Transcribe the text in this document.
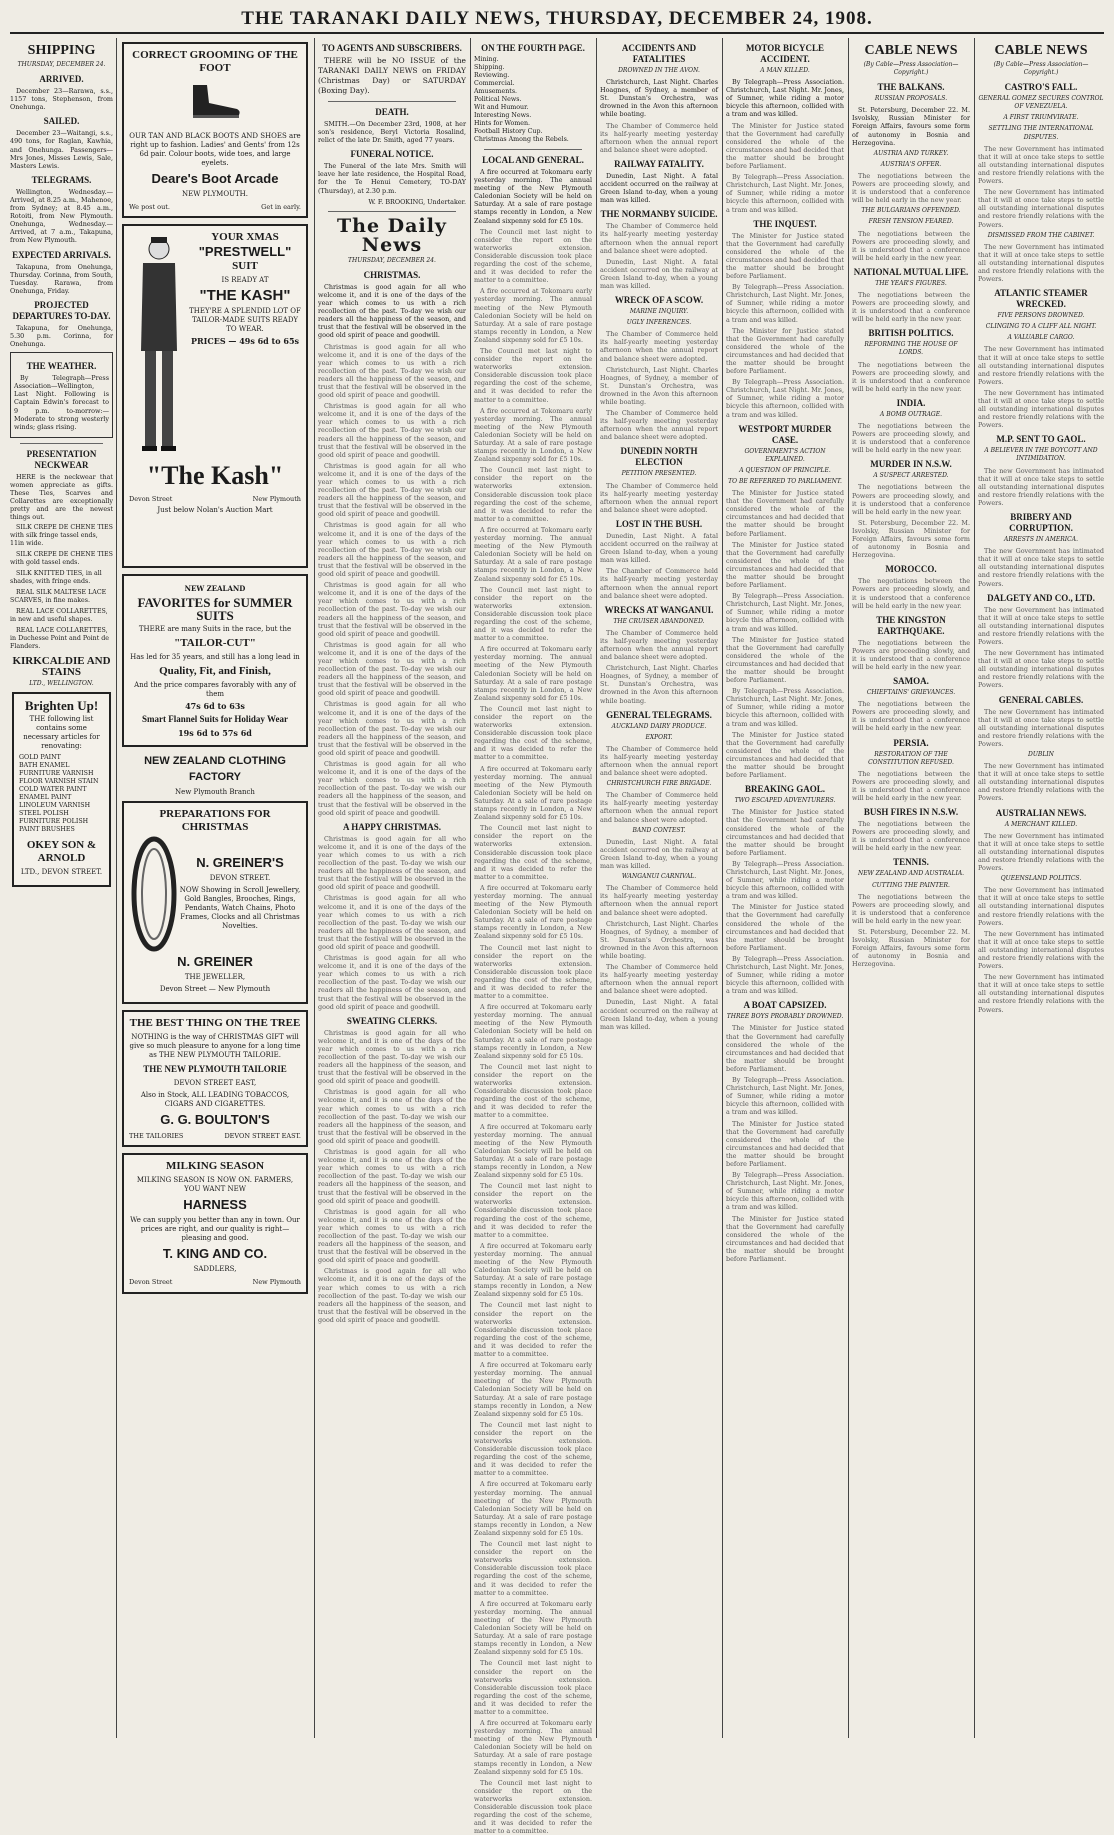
THE TARANAKI DAILY NEWS, THURSDAY, DECEMBER 24, 1908.
SHIPPING
THURSDAY, DECEMBER 24.
ARRIVED.

December 23—Rarawa, s.s., 1157 tons, Stephenson, from Onehunga.

SAILED.

December 23—Waitangi, s.s., 490 tons, for Raglan, Kawhia, and Onehunga. Passengers—Mrs Jones, Misses Lewis, Sale, Masters Lewis.

TELEGRAMS.

Wellington, Wednesday.—Arrived, at 8.25 a.m., Mahenoe, from Sydney; at 8.45 a.m., Rotoiti, from New Plymouth. Onehunga, Wednesday.—Arrived, at 7 a.m., Takapuna, from New Plymouth.

EXPECTED ARRIVALS.

Takapuna, from Onehunga, Thursday. Corinna, from South, Tuesday. Rarawa, from Onehunga, Friday.

PROJECTED DEPARTURES TO-DAY.

Takapuna, for Onehunga, 5.30 p.m. Corinna, for Onehunga.

THE WEATHER.

By Telegraph—Press Association—Wellington, Last Night. Following is Captain Edwin's forecast to 9 p.m. to-morrow:—Moderate to strong westerly winds; glass rising.

PRESENTATION NECKWEAR

HERE is the neckwear that women appreciate as gifts. These Ties, Scarves and Collarettes are exceptionally pretty and are the newest things out.

SILK CREPE DE CHENE TIES with silk fringe tassel ends, 11in wide.

SILK CREPE DE CHENE TIES with gold tassel ends.

SILK KNITTED TIES, in all shades, with fringe ends.

REAL SILK MALTESE LACE SCARVES, in fine makes.

REAL LACE COLLARETTES, in new and useful shapes.

REAL LACE COLLARETTES, in Duchesse Point and Point de Flanders.

KIRKCALDIE AND STAINS
LTD., WELLINGTON.
Brighten Up!

THE following list contains some necessary articles for renovating:

GOLD PAINT
BATH ENAMEL
FURNITURE VARNISH
FLOOR VARNISH STAIN
COLD WATER PAINT
ENAMEL PAINT
LINOLEUM VARNISH
STEEL POLISH
FURNITURE POLISH
PAINT BRUSHES
OKEY SON & ARNOLD
LTD., DEVON STREET.
CORRECT GROOMING OF THE FOOT

OUR TAN AND BLACK BOOTS AND SHOES are right up to fashion. Ladies' and Gents' from 12s 6d pair. Colour boots, wide toes, and large eyelets.

Deare's Boot Arcade
NEW PLYMOUTH.
We post out.	Get in early.
YOUR XMAS
"PRESTWELL"
SUIT
IS READY AT
"THE KASH"

THEY'RE A SPLENDID LOT OF TAILOR-MADE SUITS READY TO WEAR.

PRICES — 49s 6d to 65s
"The Kash"
Devon Street	New Plymouth
Just below Nolan's Auction Mart
NEW ZEALAND
FAVORITES for SUMMER SUITS

THERE are many Suits in the race, but the

"TAILOR-CUT"

Has led for 35 years, and still has a long lead in

Quality, Fit, and Finish,

And the price compares favorably with any of them

47s 6d to 63s
Smart Flannel Suits for Holiday Wear
19s 6d to 57s 6d
NEW ZEALAND CLOTHING FACTORY
New Plymouth Branch
PREPARATIONS FOR CHRISTMAS
N. GREINER'S
DEVON STREET.

NOW Showing in Scroll Jewellery, Gold Bangles, Brooches, Rings, Pendants, Watch Chains, Photo Frames, Clocks and all Christmas Novelties.

N. GREINER
THE JEWELLER,
Devon Street — New Plymouth
THE BEST THING ON THE TREE

NOTHING is the way of CHRISTMAS GIFT will give so much pleasure to anyone for a long time as THE NEW PLYMOUTH TAILORIE.

THE NEW PLYMOUTH TAILORIE
DEVON STREET EAST,

Also in Stock, ALL LEADING TOBACCOS, CIGARS AND CIGARETTES.

G. G. BOULTON'S
THE TAILORIES	DEVON STREET EAST.
MILKING SEASON

MILKING SEASON IS NOW ON. FARMERS, YOU WANT NEW

HARNESS

We can supply you better than any in town. Our prices are right, and our quality is right—pleasing and good.

T. KING AND CO.
SADDLERS,
Devon Street	New Plymouth
TO AGENTS AND SUBSCRIBERS.

THERE will be NO ISSUE of the TARANAKI DAILY NEWS on FRIDAY (Christmas Day) or SATURDAY (Boxing Day).

DEATH.

SMITH.—On December 23rd, 1908, at her son's residence, Beryl Victoria Rosalind, relict of the late Dr. Smith, aged 77 years.

FUNERAL NOTICE.

The Funeral of the late Mrs. Smith will leave her late residence, the Hospital Road, for the Te Henui Cemetery, TO-DAY (Thursday), at 2.30 p.m.

W. F. BROOKING, Undertaker.

The Daily News
THURSDAY, DECEMBER 24.
CHRISTMAS.

Christmas is good again for all who welcome it, and it is one of the days of the year which comes to us with a rich recollection of the past. To-day we wish our readers all the happiness of the season, and trust that the festival will be observed in the good old spirit of peace and goodwill.

Christmas is good again for all who welcome it, and it is one of the days of the year which comes to us with a rich recollection of the past. To-day we wish our readers all the happiness of the season, and trust that the festival will be observed in the good old spirit of peace and goodwill.

Christmas is good again for all who welcome it, and it is one of the days of the year which comes to us with a rich recollection of the past. To-day we wish our readers all the happiness of the season, and trust that the festival will be observed in the good old spirit of peace and goodwill.

Christmas is good again for all who welcome it, and it is one of the days of the year which comes to us with a rich recollection of the past. To-day we wish our readers all the happiness of the season, and trust that the festival will be observed in the good old spirit of peace and goodwill.

Christmas is good again for all who welcome it, and it is one of the days of the year which comes to us with a rich recollection of the past. To-day we wish our readers all the happiness of the season, and trust that the festival will be observed in the good old spirit of peace and goodwill.

Christmas is good again for all who welcome it, and it is one of the days of the year which comes to us with a rich recollection of the past. To-day we wish our readers all the happiness of the season, and trust that the festival will be observed in the good old spirit of peace and goodwill.

Christmas is good again for all who welcome it, and it is one of the days of the year which comes to us with a rich recollection of the past. To-day we wish our readers all the happiness of the season, and trust that the festival will be observed in the good old spirit of peace and goodwill.

Christmas is good again for all who welcome it, and it is one of the days of the year which comes to us with a rich recollection of the past. To-day we wish our readers all the happiness of the season, and trust that the festival will be observed in the good old spirit of peace and goodwill.

Christmas is good again for all who welcome it, and it is one of the days of the year which comes to us with a rich recollection of the past. To-day we wish our readers all the happiness of the season, and trust that the festival will be observed in the good old spirit of peace and goodwill.

A HAPPY CHRISTMAS.

Christmas is good again for all who welcome it, and it is one of the days of the year which comes to us with a rich recollection of the past. To-day we wish our readers all the happiness of the season, and trust that the festival will be observed in the good old spirit of peace and goodwill.

Christmas is good again for all who welcome it, and it is one of the days of the year which comes to us with a rich recollection of the past. To-day we wish our readers all the happiness of the season, and trust that the festival will be observed in the good old spirit of peace and goodwill.

Christmas is good again for all who welcome it, and it is one of the days of the year which comes to us with a rich recollection of the past. To-day we wish our readers all the happiness of the season, and trust that the festival will be observed in the good old spirit of peace and goodwill.

SWEATING CLERKS.

Christmas is good again for all who welcome it, and it is one of the days of the year which comes to us with a rich recollection of the past. To-day we wish our readers all the happiness of the season, and trust that the festival will be observed in the good old spirit of peace and goodwill.

Christmas is good again for all who welcome it, and it is one of the days of the year which comes to us with a rich recollection of the past. To-day we wish our readers all the happiness of the season, and trust that the festival will be observed in the good old spirit of peace and goodwill.

Christmas is good again for all who welcome it, and it is one of the days of the year which comes to us with a rich recollection of the past. To-day we wish our readers all the happiness of the season, and trust that the festival will be observed in the good old spirit of peace and goodwill.

Christmas is good again for all who welcome it, and it is one of the days of the year which comes to us with a rich recollection of the past. To-day we wish our readers all the happiness of the season, and trust that the festival will be observed in the good old spirit of peace and goodwill.

Christmas is good again for all who welcome it, and it is one of the days of the year which comes to us with a rich recollection of the past. To-day we wish our readers all the happiness of the season, and trust that the festival will be observed in the good old spirit of peace and goodwill.

ON THE FOURTH PAGE.
Mining.
Shipping.
Reviewing.
Commercial.
Amusements.
Political News.
Wit and Humour.
Interesting News.
Hints for Women.
Football History Cup.
Christmas Among the Rebels.
LOCAL AND GENERAL.

A fire occurred at Tokomaru early yesterday morning. The annual meeting of the New Plymouth Caledonian Society will be held on Saturday. At a sale of rare postage stamps recently in London, a New Zealand sixpenny sold for £5 10s.

The Council met last night to consider the report on the waterworks extension. Considerable discussion took place regarding the cost of the scheme, and it was decided to refer the matter to a committee.

A fire occurred at Tokomaru early yesterday morning. The annual meeting of the New Plymouth Caledonian Society will be held on Saturday. At a sale of rare postage stamps recently in London, a New Zealand sixpenny sold for £5 10s.

The Council met last night to consider the report on the waterworks extension. Considerable discussion took place regarding the cost of the scheme, and it was decided to refer the matter to a committee.

A fire occurred at Tokomaru early yesterday morning. The annual meeting of the New Plymouth Caledonian Society will be held on Saturday. At a sale of rare postage stamps recently in London, a New Zealand sixpenny sold for £5 10s.

The Council met last night to consider the report on the waterworks extension. Considerable discussion took place regarding the cost of the scheme, and it was decided to refer the matter to a committee.

A fire occurred at Tokomaru early yesterday morning. The annual meeting of the New Plymouth Caledonian Society will be held on Saturday. At a sale of rare postage stamps recently in London, a New Zealand sixpenny sold for £5 10s.

The Council met last night to consider the report on the waterworks extension. Considerable discussion took place regarding the cost of the scheme, and it was decided to refer the matter to a committee.

A fire occurred at Tokomaru early yesterday morning. The annual meeting of the New Plymouth Caledonian Society will be held on Saturday. At a sale of rare postage stamps recently in London, a New Zealand sixpenny sold for £5 10s.

The Council met last night to consider the report on the waterworks extension. Considerable discussion took place regarding the cost of the scheme, and it was decided to refer the matter to a committee.

A fire occurred at Tokomaru early yesterday morning. The annual meeting of the New Plymouth Caledonian Society will be held on Saturday. At a sale of rare postage stamps recently in London, a New Zealand sixpenny sold for £5 10s.

The Council met last night to consider the report on the waterworks extension. Considerable discussion took place regarding the cost of the scheme, and it was decided to refer the matter to a committee.

A fire occurred at Tokomaru early yesterday morning. The annual meeting of the New Plymouth Caledonian Society will be held on Saturday. At a sale of rare postage stamps recently in London, a New Zealand sixpenny sold for £5 10s.

The Council met last night to consider the report on the waterworks extension. Considerable discussion took place regarding the cost of the scheme, and it was decided to refer the matter to a committee.

A fire occurred at Tokomaru early yesterday morning. The annual meeting of the New Plymouth Caledonian Society will be held on Saturday. At a sale of rare postage stamps recently in London, a New Zealand sixpenny sold for £5 10s.

The Council met last night to consider the report on the waterworks extension. Considerable discussion took place regarding the cost of the scheme, and it was decided to refer the matter to a committee.

A fire occurred at Tokomaru early yesterday morning. The annual meeting of the New Plymouth Caledonian Society will be held on Saturday. At a sale of rare postage stamps recently in London, a New Zealand sixpenny sold for £5 10s.

The Council met last night to consider the report on the waterworks extension. Considerable discussion took place regarding the cost of the scheme, and it was decided to refer the matter to a committee.

A fire occurred at Tokomaru early yesterday morning. The annual meeting of the New Plymouth Caledonian Society will be held on Saturday. At a sale of rare postage stamps recently in London, a New Zealand sixpenny sold for £5 10s.

The Council met last night to consider the report on the waterworks extension. Considerable discussion took place regarding the cost of the scheme, and it was decided to refer the matter to a committee.

A fire occurred at Tokomaru early yesterday morning. The annual meeting of the New Plymouth Caledonian Society will be held on Saturday. At a sale of rare postage stamps recently in London, a New Zealand sixpenny sold for £5 10s.

The Council met last night to consider the report on the waterworks extension. Considerable discussion took place regarding the cost of the scheme, and it was decided to refer the matter to a committee.

A fire occurred at Tokomaru early yesterday morning. The annual meeting of the New Plymouth Caledonian Society will be held on Saturday. At a sale of rare postage stamps recently in London, a New Zealand sixpenny sold for £5 10s.

The Council met last night to consider the report on the waterworks extension. Considerable discussion took place regarding the cost of the scheme, and it was decided to refer the matter to a committee.

A fire occurred at Tokomaru early yesterday morning. The annual meeting of the New Plymouth Caledonian Society will be held on Saturday. At a sale of rare postage stamps recently in London, a New Zealand sixpenny sold for £5 10s.

The Council met last night to consider the report on the waterworks extension. Considerable discussion took place regarding the cost of the scheme, and it was decided to refer the matter to a committee.

A fire occurred at Tokomaru early yesterday morning. The annual meeting of the New Plymouth Caledonian Society will be held on Saturday. At a sale of rare postage stamps recently in London, a New Zealand sixpenny sold for £5 10s.

The Council met last night to consider the report on the waterworks extension. Considerable discussion took place regarding the cost of the scheme, and it was decided to refer the matter to a committee.

ACCIDENTS AND FATALITIES
DROWNED IN THE AVON.

Christchurch, Last Night. Charles Hoagnes, of Sydney, a member of St. Dunstan's Orchestra, was drowned in the Avon this afternoon while boating.

The Chamber of Commerce held its half-yearly meeting yesterday afternoon when the annual report and balance sheet were adopted.

RAILWAY FATALITY.

Dunedin, Last Night. A fatal accident occurred on the railway at Green Island to-day, when a young man was killed.

THE NORMANBY SUICIDE.

The Chamber of Commerce held its half-yearly meeting yesterday afternoon when the annual report and balance sheet were adopted.

Dunedin, Last Night. A fatal accident occurred on the railway at Green Island to-day, when a young man was killed.

WRECK OF A SCOW.
MARINE INQUIRY.
UGLY INFERENCES.

The Chamber of Commerce held its half-yearly meeting yesterday afternoon when the annual report and balance sheet were adopted.

Christchurch, Last Night. Charles Hoagnes, of Sydney, a member of St. Dunstan's Orchestra, was drowned in the Avon this afternoon while boating.

The Chamber of Commerce held its half-yearly meeting yesterday afternoon when the annual report and balance sheet were adopted.

DUNEDIN NORTH ELECTION
PETITION PRESENTED.

The Chamber of Commerce held its half-yearly meeting yesterday afternoon when the annual report and balance sheet were adopted.

LOST IN THE BUSH.

Dunedin, Last Night. A fatal accident occurred on the railway at Green Island to-day, when a young man was killed.

The Chamber of Commerce held its half-yearly meeting yesterday afternoon when the annual report and balance sheet were adopted.

WRECKS AT WANGANUI.
THE CRUISER ABANDONED.

The Chamber of Commerce held its half-yearly meeting yesterday afternoon when the annual report and balance sheet were adopted.

Christchurch, Last Night. Charles Hoagnes, of Sydney, a member of St. Dunstan's Orchestra, was drowned in the Avon this afternoon while boating.

GENERAL TELEGRAMS.
AUCKLAND DAIRY PRODUCE.
EXPORT.

The Chamber of Commerce held its half-yearly meeting yesterday afternoon when the annual report and balance sheet were adopted.

CHRISTCHURCH FIRE BRIGADE.

The Chamber of Commerce held its half-yearly meeting yesterday afternoon when the annual report and balance sheet were adopted.

BAND CONTEST.

Dunedin, Last Night. A fatal accident occurred on the railway at Green Island to-day, when a young man was killed.

WANGANUI CARNIVAL.

The Chamber of Commerce held its half-yearly meeting yesterday afternoon when the annual report and balance sheet were adopted.

Christchurch, Last Night. Charles Hoagnes, of Sydney, a member of St. Dunstan's Orchestra, was drowned in the Avon this afternoon while boating.

The Chamber of Commerce held its half-yearly meeting yesterday afternoon when the annual report and balance sheet were adopted.

Dunedin, Last Night. A fatal accident occurred on the railway at Green Island to-day, when a young man was killed.

MOTOR BICYCLE ACCIDENT.
A MAN KILLED.

By Telegraph—Press Association. Christchurch, Last Night. Mr. Jones, of Sumner, while riding a motor bicycle this afternoon, collided with a tram and was killed.

The Minister for Justice stated that the Government had carefully considered the whole of the circumstances and had decided that the matter should be brought before Parliament.

By Telegraph—Press Association. Christchurch, Last Night. Mr. Jones, of Sumner, while riding a motor bicycle this afternoon, collided with a tram and was killed.

THE INQUEST.

The Minister for Justice stated that the Government had carefully considered the whole of the circumstances and had decided that the matter should be brought before Parliament.

By Telegraph—Press Association. Christchurch, Last Night. Mr. Jones, of Sumner, while riding a motor bicycle this afternoon, collided with a tram and was killed.

The Minister for Justice stated that the Government had carefully considered the whole of the circumstances and had decided that the matter should be brought before Parliament.

By Telegraph—Press Association. Christchurch, Last Night. Mr. Jones, of Sumner, while riding a motor bicycle this afternoon, collided with a tram and was killed.

WESTPORT MURDER CASE.
GOVERNMENT'S ACTION EXPLAINED.
A QUESTION OF PRINCIPLE.
TO BE REFERRED TO PARLIAMENT.

The Minister for Justice stated that the Government had carefully considered the whole of the circumstances and had decided that the matter should be brought before Parliament.

The Minister for Justice stated that the Government had carefully considered the whole of the circumstances and had decided that the matter should be brought before Parliament.

By Telegraph—Press Association. Christchurch, Last Night. Mr. Jones, of Sumner, while riding a motor bicycle this afternoon, collided with a tram and was killed.

The Minister for Justice stated that the Government had carefully considered the whole of the circumstances and had decided that the matter should be brought before Parliament.

By Telegraph—Press Association. Christchurch, Last Night. Mr. Jones, of Sumner, while riding a motor bicycle this afternoon, collided with a tram and was killed.

The Minister for Justice stated that the Government had carefully considered the whole of the circumstances and had decided that the matter should be brought before Parliament.

BREAKING GAOL.
TWO ESCAPED ADVENTURERS.

The Minister for Justice stated that the Government had carefully considered the whole of the circumstances and had decided that the matter should be brought before Parliament.

By Telegraph—Press Association. Christchurch, Last Night. Mr. Jones, of Sumner, while riding a motor bicycle this afternoon, collided with a tram and was killed.

The Minister for Justice stated that the Government had carefully considered the whole of the circumstances and had decided that the matter should be brought before Parliament.

By Telegraph—Press Association. Christchurch, Last Night. Mr. Jones, of Sumner, while riding a motor bicycle this afternoon, collided with a tram and was killed.

A BOAT CAPSIZED.
THREE BOYS PROBABLY DROWNED.

The Minister for Justice stated that the Government had carefully considered the whole of the circumstances and had decided that the matter should be brought before Parliament.

By Telegraph—Press Association. Christchurch, Last Night. Mr. Jones, of Sumner, while riding a motor bicycle this afternoon, collided with a tram and was killed.

The Minister for Justice stated that the Government had carefully considered the whole of the circumstances and had decided that the matter should be brought before Parliament.

By Telegraph—Press Association. Christchurch, Last Night. Mr. Jones, of Sumner, while riding a motor bicycle this afternoon, collided with a tram and was killed.

The Minister for Justice stated that the Government had carefully considered the whole of the circumstances and had decided that the matter should be brought before Parliament.

CABLE NEWS
(By Cable—Press Association—Copyright.)
THE BALKANS.
RUSSIAN PROPOSALS.

St. Petersburg, December 22. M. Isvolsky, Russian Minister for Foreign Affairs, favours some form of autonomy in Bosnia and Herzegovina.

AUSTRIA AND TURKEY.
AUSTRIA'S OFFER.

The negotiations between the Powers are proceeding slowly, and it is understood that a conference will be held early in the new year.

THE BULGARIANS OFFENDED.
FRESH TENSION FEARED.

The negotiations between the Powers are proceeding slowly, and it is understood that a conference will be held early in the new year.

NATIONAL MUTUAL LIFE.
THE YEAR'S FIGURES.

The negotiations between the Powers are proceeding slowly, and it is understood that a conference will be held early in the new year.

BRITISH POLITICS.
REFORMING THE HOUSE OF LORDS.

The negotiations between the Powers are proceeding slowly, and it is understood that a conference will be held early in the new year.

INDIA.
A BOMB OUTRAGE.

The negotiations between the Powers are proceeding slowly, and it is understood that a conference will be held early in the new year.

MURDER IN N.S.W.
A SUSPECT ARRESTED.

The negotiations between the Powers are proceeding slowly, and it is understood that a conference will be held early in the new year.

St. Petersburg, December 22. M. Isvolsky, Russian Minister for Foreign Affairs, favours some form of autonomy in Bosnia and Herzegovina.

MOROCCO.

The negotiations between the Powers are proceeding slowly, and it is understood that a conference will be held early in the new year.

THE KINGSTON EARTHQUAKE.

The negotiations between the Powers are proceeding slowly, and it is understood that a conference will be held early in the new year.

SAMOA.
CHIEFTAINS' GRIEVANCES.

The negotiations between the Powers are proceeding slowly, and it is understood that a conference will be held early in the new year.

PERSIA.
RESTORATION OF THE CONSTITUTION REFUSED.

The negotiations between the Powers are proceeding slowly, and it is understood that a conference will be held early in the new year.

BUSH FIRES IN N.S.W.

The negotiations between the Powers are proceeding slowly, and it is understood that a conference will be held early in the new year.

TENNIS.
NEW ZEALAND AND AUSTRALIA.
CUTTING THE PAINTER.

The negotiations between the Powers are proceeding slowly, and it is understood that a conference will be held early in the new year.

St. Petersburg, December 22. M. Isvolsky, Russian Minister for Foreign Affairs, favours some form of autonomy in Bosnia and Herzegovina.

CABLE NEWS
(By Cable—Press Association—Copyright.)
CASTRO'S FALL.
GENERAL GOMEZ SECURES CONTROL OF VENEZUELA.
A FIRST TRIUMVIRATE.
SETTLING THE INTERNATIONAL DISPUTES.

The new Government has intimated that it will at once take steps to settle all outstanding international disputes and restore friendly relations with the Powers.

The new Government has intimated that it will at once take steps to settle all outstanding international disputes and restore friendly relations with the Powers.

DISMISSED FROM THE CABINET.

The new Government has intimated that it will at once take steps to settle all outstanding international disputes and restore friendly relations with the Powers.

ATLANTIC STEAMER WRECKED.
FIVE PERSONS DROWNED.
CLINGING TO A CLIFF ALL NIGHT.
A VALUABLE CARGO.

The new Government has intimated that it will at once take steps to settle all outstanding international disputes and restore friendly relations with the Powers.

The new Government has intimated that it will at once take steps to settle all outstanding international disputes and restore friendly relations with the Powers.

M.P. SENT TO GAOL.
A BELIEVER IN THE BOYCOTT AND INTIMIDATION.

The new Government has intimated that it will at once take steps to settle all outstanding international disputes and restore friendly relations with the Powers.

BRIBERY AND CORRUPTION.
ARRESTS IN AMERICA.

The new Government has intimated that it will at once take steps to settle all outstanding international disputes and restore friendly relations with the Powers.

DALGETY AND CO., LTD.

The new Government has intimated that it will at once take steps to settle all outstanding international disputes and restore friendly relations with the Powers.

The new Government has intimated that it will at once take steps to settle all outstanding international disputes and restore friendly relations with the Powers.

GENERAL CABLES.

The new Government has intimated that it will at once take steps to settle all outstanding international disputes and restore friendly relations with the Powers.

DUBLIN

The new Government has intimated that it will at once take steps to settle all outstanding international disputes and restore friendly relations with the Powers.

AUSTRALIAN NEWS.
A MERCHANT KILLED.

The new Government has intimated that it will at once take steps to settle all outstanding international disputes and restore friendly relations with the Powers.

QUEENSLAND POLITICS.

The new Government has intimated that it will at once take steps to settle all outstanding international disputes and restore friendly relations with the Powers.

The new Government has intimated that it will at once take steps to settle all outstanding international disputes and restore friendly relations with the Powers.

The new Government has intimated that it will at once take steps to settle all outstanding international disputes and restore friendly relations with the Powers.
